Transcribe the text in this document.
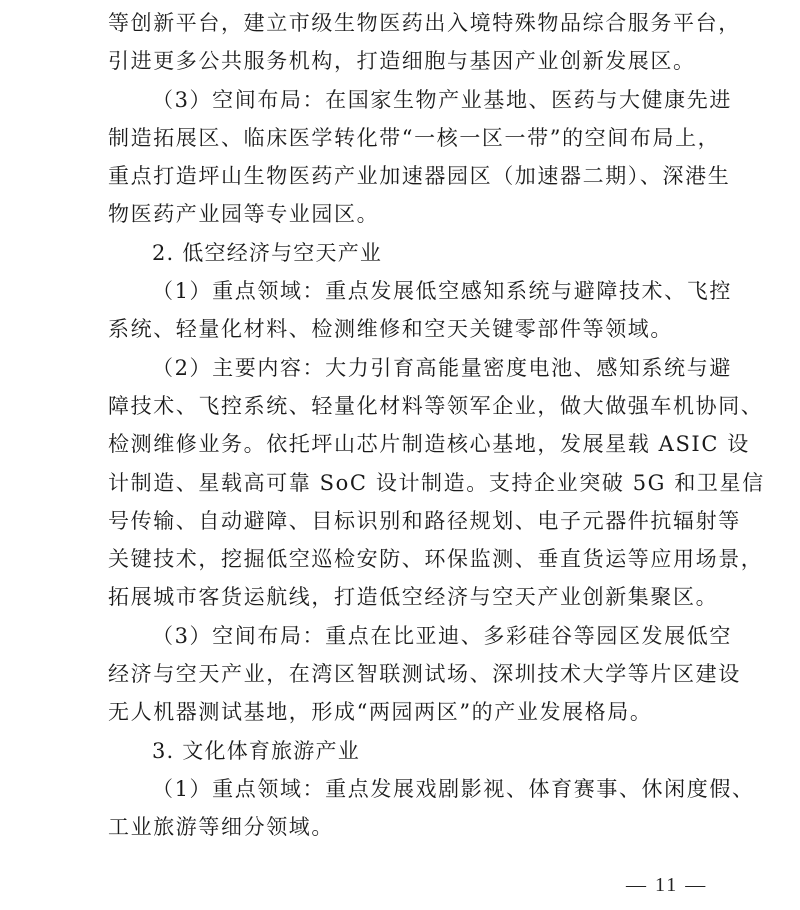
等创新平台，建立市级生物医药出入境特殊物品综合服务平台，
引进更多公共服务机构，打造细胞与基因产业创新发展区。
（3）空间布局：在国家生物产业基地、医药与大健康先进
制造拓展区、临床医学转化带“一核一区一带”的空间布局上，
重点打造坪山生物医药产业加速器园区（加速器二期）、深港生
物医药产业园等专业园区。
2. 低空经济与空天产业
（1）重点领域：重点发展低空感知系统与避障技术、飞控
系统、轻量化材料、检测维修和空天关键零部件等领域。
（2）主要内容：大力引育高能量密度电池、感知系统与避
障技术、飞控系统、轻量化材料等领军企业，做大做强车机协同、
检测维修业务。依托坪山芯片制造核心基地，发展星载 ASIC 设
计制造、星载高可靠 SoC 设计制造。支持企业突破 5G 和卫星信
号传输、自动避障、目标识别和路径规划、电子元器件抗辐射等
关键技术，挖掘低空巡检安防、环保监测、垂直货运等应用场景，
拓展城市客货运航线，打造低空经济与空天产业创新集聚区。
（3）空间布局：重点在比亚迪、多彩硅谷等园区发展低空
经济与空天产业，在湾区智联测试场、深圳技术大学等片区建设
无人机器测试基地，形成“两园两区”的产业发展格局。
3. 文化体育旅游产业
（1）重点领域：重点发展戏剧影视、体育赛事、休闲度假、
工业旅游等细分领域。
— 11 —
